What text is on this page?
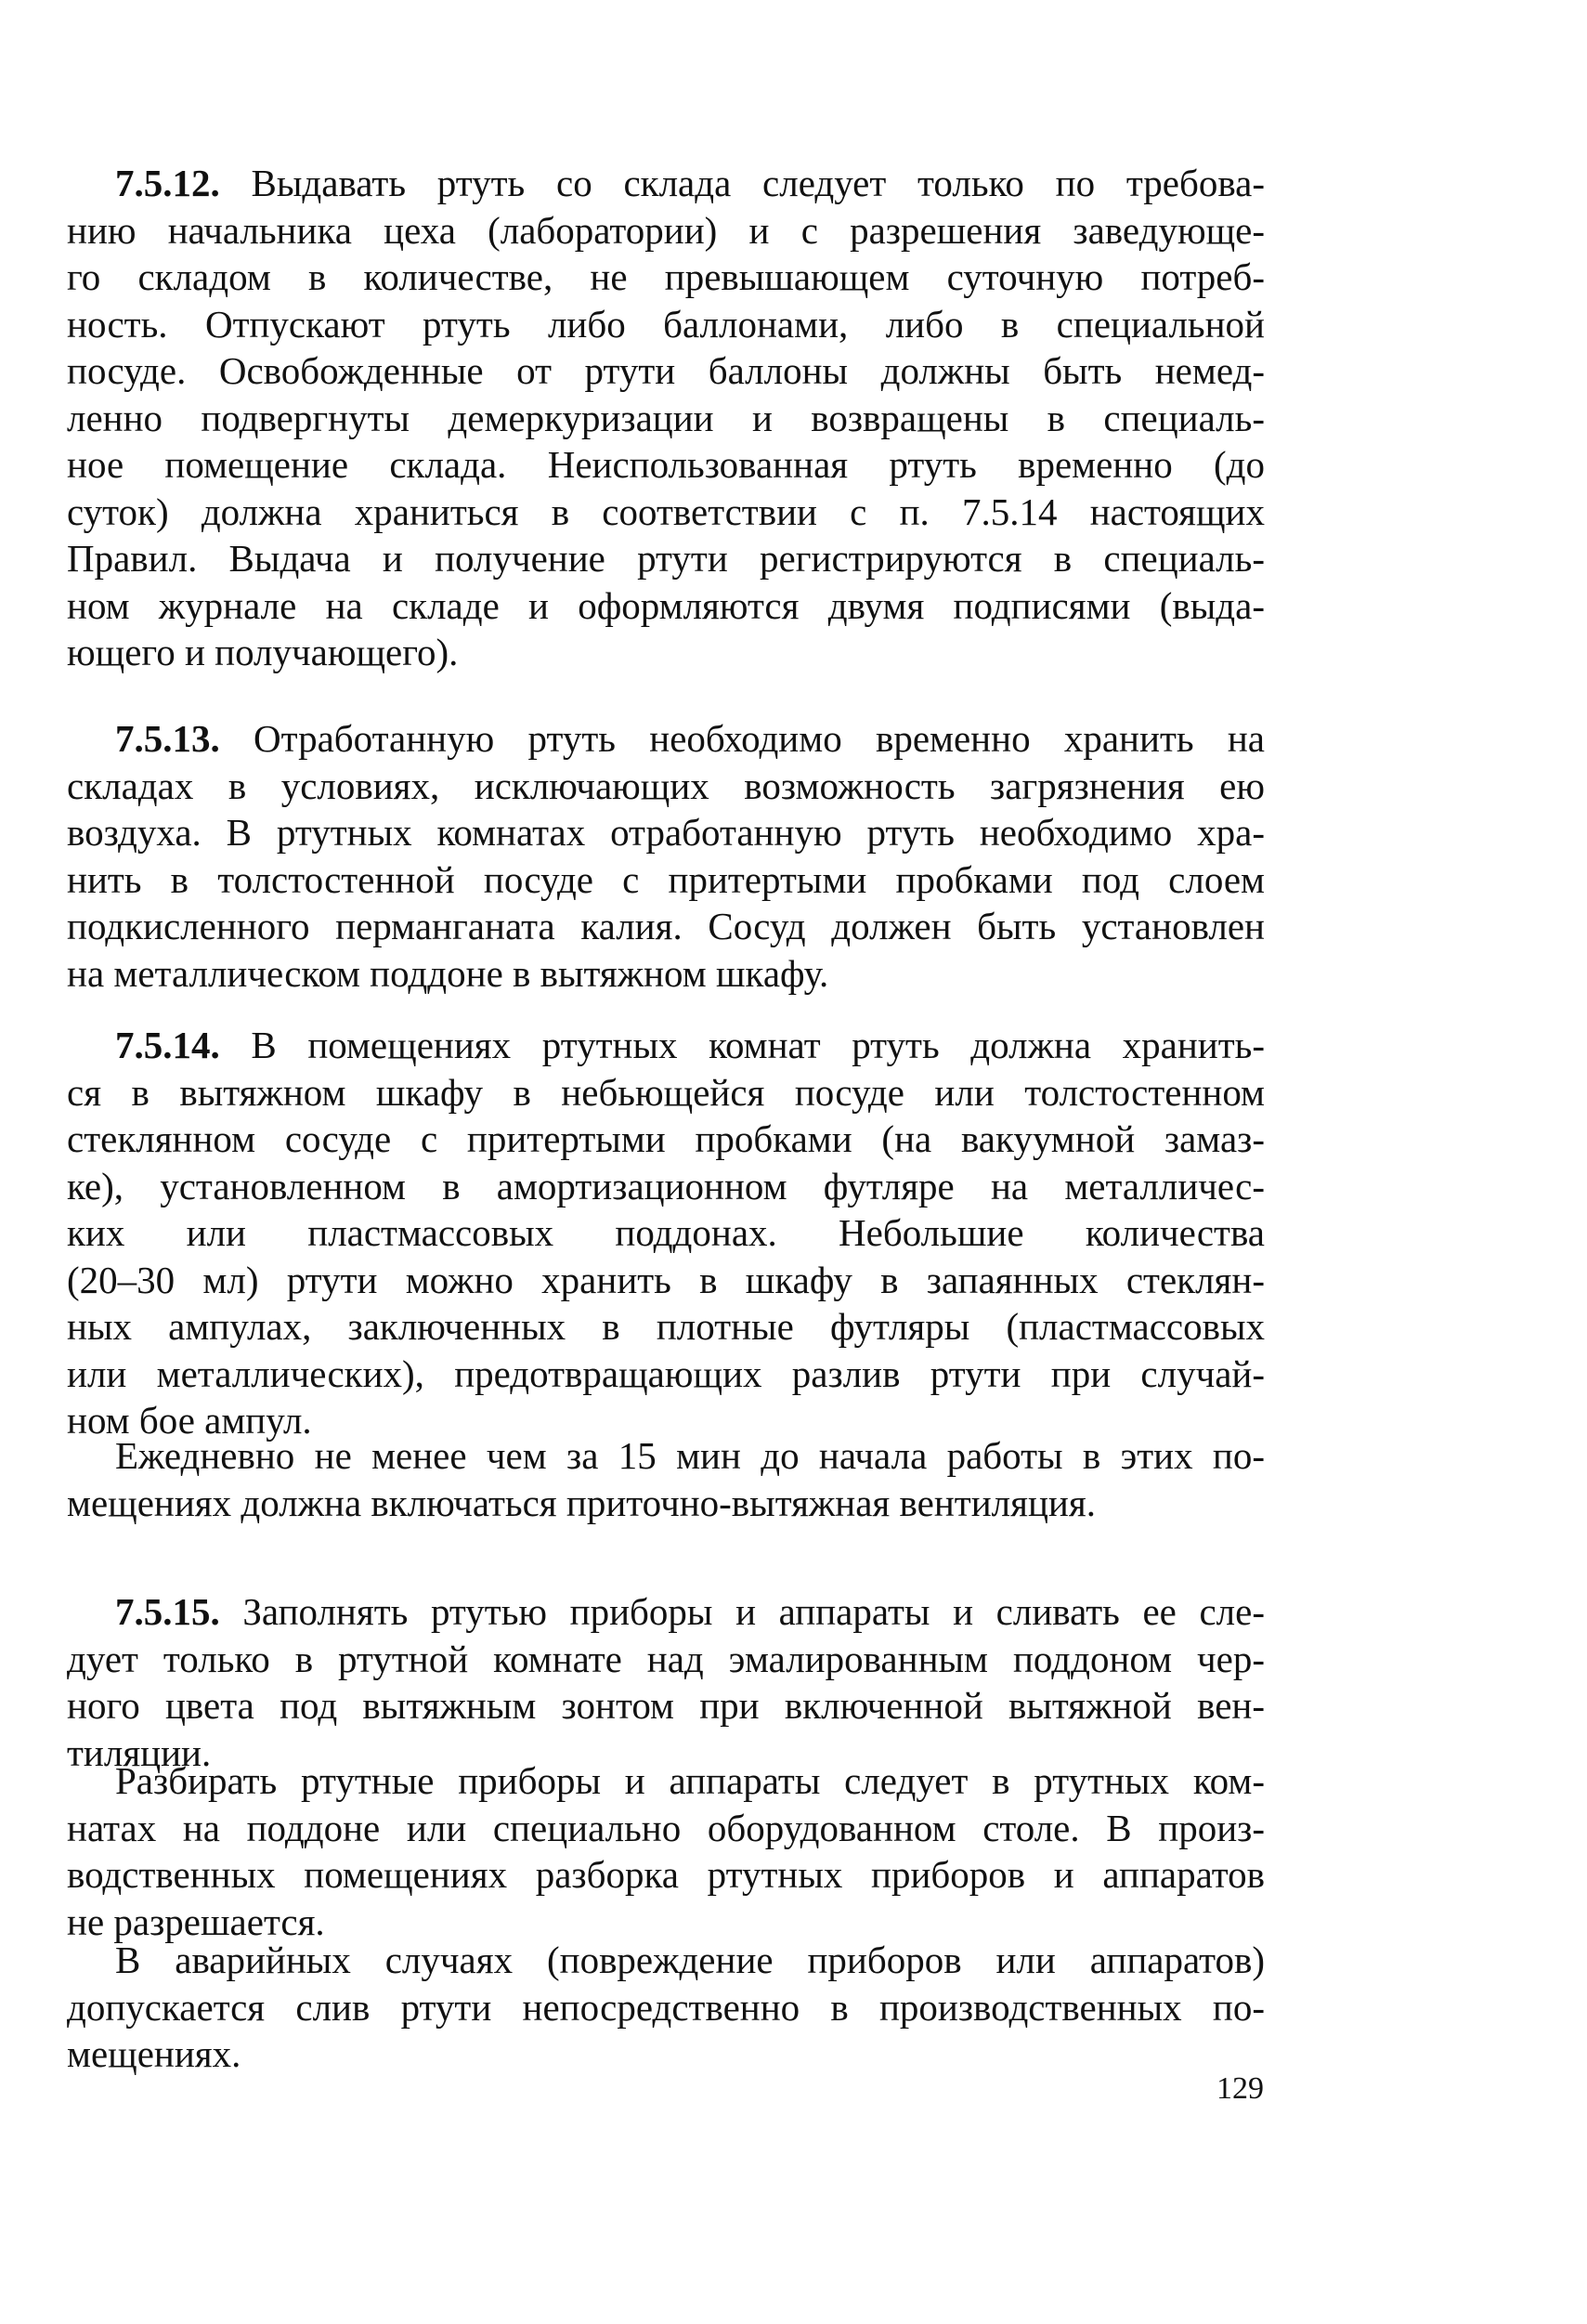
7.5.12. Выдавать ртуть со склада следует только по требова-
нию начальника цеха (лаборатории) и с разрешения заведующе-
го складом в количестве, не превышающем суточную потреб-
ность. Отпускают ртуть либо баллонами, либо в специальной
посуде. Освобожденные от ртути баллоны должны быть немед-
ленно подвергнуты демеркуризации и возвращены в специаль-
ное помещение склада. Неиспользованная ртуть временно (до
суток) должна храниться в соответствии с п. 7.5.14 настоящих
Правил. Выдача и получение ртути регистрируются в специаль-
ном журнале на складе и оформляются двумя подписями (выда-
ющего и получающего).
7.5.13. Отработанную ртуть необходимо временно хранить на
складах в условиях, исключающих возможность загрязнения ею
воздуха. В ртутных комнатах отработанную ртуть необходимо хра-
нить в толстостенной посуде с притертыми пробками под слоем
подкисленного перманганата калия. Сосуд должен быть установлен
на металлическом поддоне в вытяжном шкафу.
7.5.14. В помещениях ртутных комнат ртуть должна хранить-
ся в вытяжном шкафу в небьющейся посуде или толстостенном
стеклянном сосуде с притертыми пробками (на вакуумной замаз-
ке), установленном в амортизационном футляре на металличес-
ких или пластмассовых поддонах. Небольшие количества
(20–30 мл) ртути можно хранить в шкафу в запаянных стеклян-
ных ампулах, заключенных в плотные футляры (пластмассовых
или металлических), предотвращающих разлив ртути при случай-
ном бое ампул.
Ежедневно не менее чем за 15 мин до начала работы в этих по-
мещениях должна включаться приточно-вытяжная вентиляция.
7.5.15. Заполнять ртутью приборы и аппараты и сливать ее сле-
дует только в ртутной комнате над эмалированным поддоном чер-
ного цвета под вытяжным зонтом при включенной вытяжной вен-
тиляции.
Разбирать ртутные приборы и аппараты следует в ртутных ком-
натах на поддоне или специально оборудованном столе. В произ-
водственных помещениях разборка ртутных приборов и аппаратов
не разрешается.
В аварийных случаях (повреждение приборов или аппаратов)
допускается слив ртути непосредственно в производственных по-
мещениях.
129
